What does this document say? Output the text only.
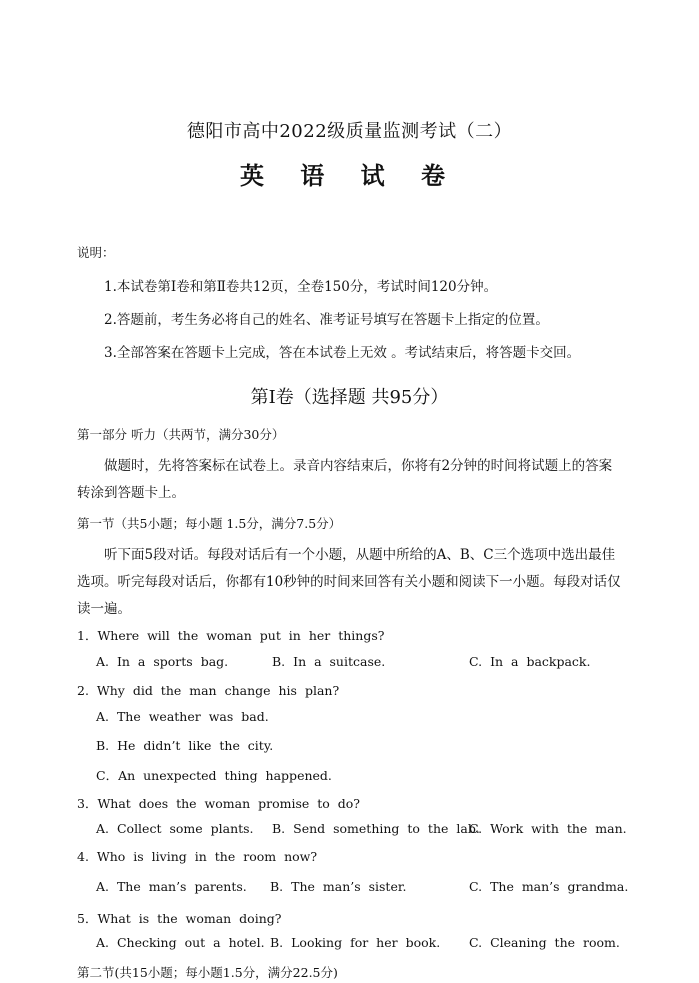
德阳市高中2022级质量监测考试（二）
英 语 试 卷
说明：
1.本试卷第Ⅰ卷和第Ⅱ卷共12页，全卷150分，考试时间120分钟。
2.答题前，考生务必将自己的姓名、准考证号填写在答题卡上指定的位置。
3.全部答案在答题卡上完成，答在本试卷上无效 。考试结束后，将答题卡交回。
第Ⅰ卷（选择题 共95分）
第一部分 听力（共两节，满分30分）
做题时，先将答案标在试卷上。录音内容结束后，你将有2分钟的时间将试题上的答案转涂到答题卡上。
第一节（共5小题；每小题 1.5分，满分7.5分）
听下面5段对话。每段对话后有一个小题，从题中所给的A、B、C三个选项中选出最佳选项。听完每段对话后，你都有10秒钟的时间来回答有关小题和阅读下一小题。每段对话仅读一遍。
1．Where will the woman put in her things?
A. In a sports bag.	B. In a suitcase.	C. In a backpack.
2. Why did the man change his plan?
A. The weather was bad.
B. He didn’t like the city.
C．An unexpected thing happened.
3．What does the woman promise to do?
A. Collect some plants. B. Send something to the lab.
C. Work with the man.
4. Who is living in the room now?
A. The man’s parents. B. The man’s sister.	C. The man’s grandma.
5．What is the woman doing?
A. Checking out a hotel. B. Looking for her book. C. Cleaning the room.
第二节(共15小题；每小题1.5分，满分22.5分)
